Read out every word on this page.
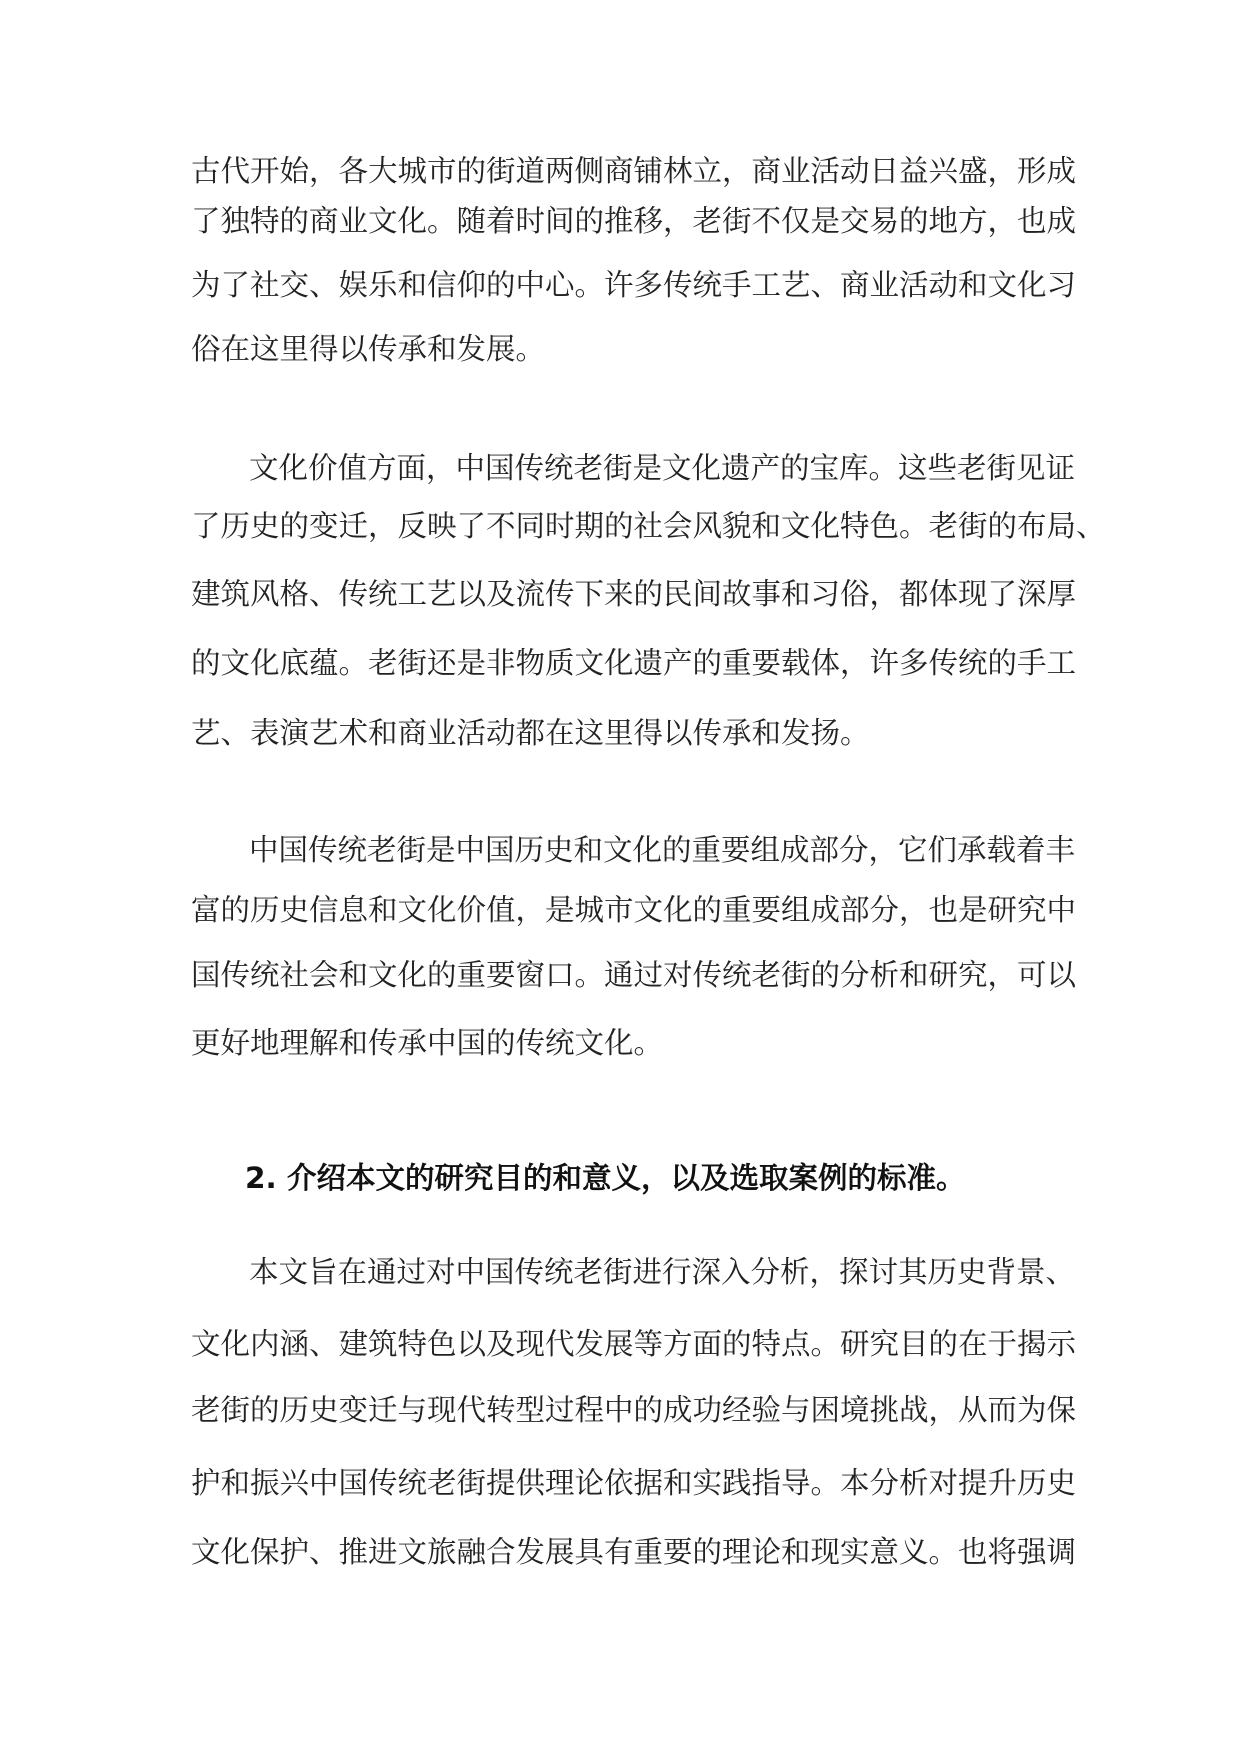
古代开始，各大城市的街道两侧商铺林立，商业活动日益兴盛，形成
了独特的商业文化。随着时间的推移，老街不仅是交易的地方，也成
为了社交、娱乐和信仰的中心。许多传统手工艺、商业活动和文化习
俗在这里得以传承和发展。
文化价值方面，中国传统老街是文化遗产的宝库。这些老街见证
了历史的变迁，反映了不同时期的社会风貌和文化特色。老街的布局、
建筑风格、传统工艺以及流传下来的民间故事和习俗，都体现了深厚
的文化底蕴。老街还是非物质文化遗产的重要载体，许多传统的手工
艺、表演艺术和商业活动都在这里得以传承和发扬。
中国传统老街是中国历史和文化的重要组成部分，它们承载着丰
富的历史信息和文化价值，是城市文化的重要组成部分，也是研究中
国传统社会和文化的重要窗口。通过对传统老街的分析和研究，可以
更好地理解和传承中国的传统文化。
2. 介绍本文的研究目的和意义，以及选取案例的标准。
本文旨在通过对中国传统老街进行深入分析，探讨其历史背景、
文化内涵、建筑特色以及现代发展等方面的特点。研究目的在于揭示
老街的历史变迁与现代转型过程中的成功经验与困境挑战，从而为保
护和振兴中国传统老街提供理论依据和实践指导。本分析对提升历史
文化保护、推进文旅融合发展具有重要的理论和现实意义。也将强调
